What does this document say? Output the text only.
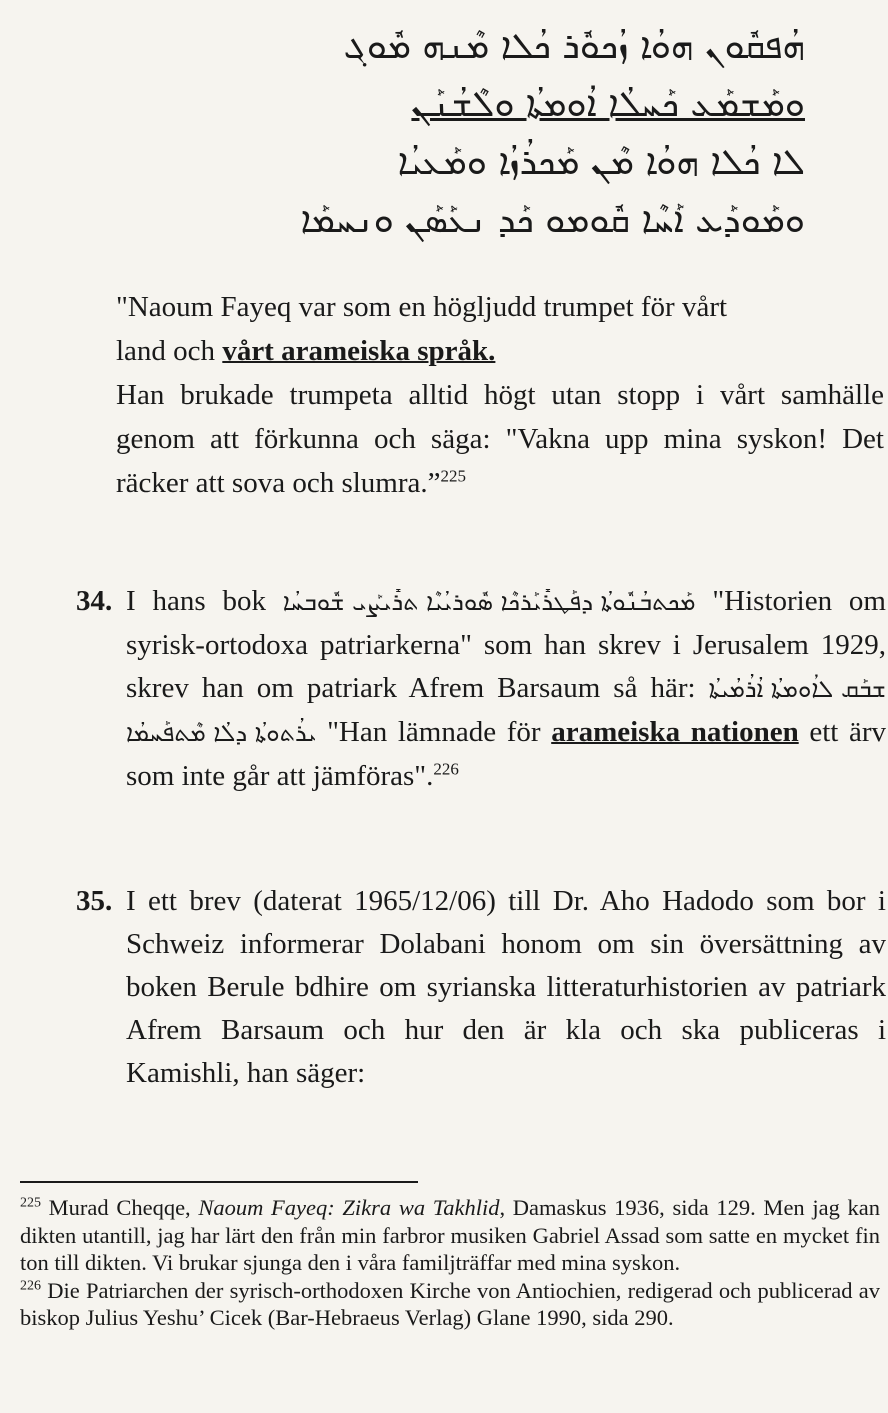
ܗܳܦܩܽܘܢ ܗܘܳܐ ܙܳܟܘܽܪ ܟܳܠܐ ܡܶܢܗ ܡܽܘܓ
ܘܡܰܫܡܰܥ ܟܰܚܠܳܐ ܐܳܘܡܬܳܐ ܘܠܶܫܳܢܰܢ
ܠܐ ܟܳܠܐ ܗܘܳܐ ܡܶܢ ܡܰܟܪܳܙܳܐ ܘܡܰܥܝܳܐ
ܘܡܰܘܕܰܥ ܐܰܚܶܐ ܩܽܘܡܘ ܟܰܕ ܢܥܰܣܰܢ ܘܢܚܡܰܐ
"Naoum Fayeq var som en högljudd trumpet för vårt
land och vårt arameiska språk.
Han brukade trumpeta alltid högt utan stopp i vårt samhälle genom att förkunna och säga: "Vakna upp mina syskon! Det räcker att sova och slumra.”$^{225}$
34. I hans bok ܡܰܟܬܒܳܢܽܘܬܳܐ ܕܦܰܛܪܺܝܰܪܟܶܐ ܣܽܘܪܝܳܝܶܐ ܬܪܺܝܨܰܝ ܫܽܘܒܚܳܐ "Historien om syrisk-ortodoxa patriarkerna" som han skrev i Jerusalem 1929, skrev han om patriark Afrem Barsaum så här: ܫܒܰܩ ܠܐܳܘܡܬܳܐ ܐܳܪܳܡܳܝܬܳܐ ܝܪܳܬܘܬܳܐ ܕܠܳܐ ܡܶܬܦܰܚܡܳܐ "Han lämnade för arameiska nationen ett ärv som inte går att jämföras".$^{226}$
35. I ett brev (daterat 1965/12/06) till Dr. Aho Hadodo som bor i Schweiz informerar Dolabani honom om sin översättning av boken Berule bdhire om syrianska litteraturhistorien av patriark Afrem Barsaum och hur den är kla och ska publiceras i Kamishli, han säger:

$^{225}$ Murad Cheqqe, Naoum Fayeq: Zikra wa Takhlid, Damaskus 1936, sida 129. Men jag kan dikten utantill, jag har lärt den från min farbror musiken Gabriel Assad som satte en mycket fin ton till dikten. Vi brukar sjunga den i våra familjträffar med mina syskon.

$^{226}$ Die Patriarchen der syrisch-orthodoxen Kirche von Antiochien, redigerad och publicerad av biskop Julius Yeshu’ Cicek (Bar-Hebraeus Verlag) Glane 1990, sida 290.
